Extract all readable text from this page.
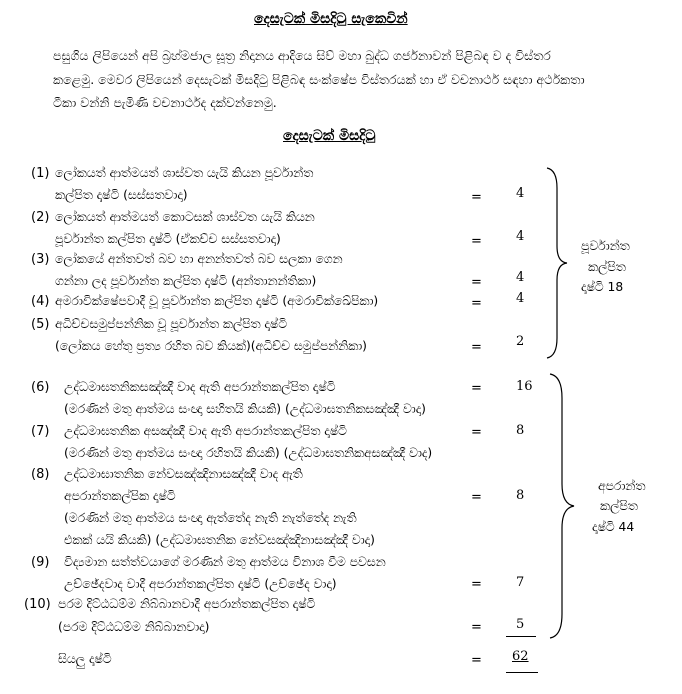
දෙසැටක් මිසදිටු සැකෙවින්
පසුගිය ලිපියෙන් අපි බ්‍රහ්මජාල සූත්‍ර නිදානය ආදියෙ සිව් මහා බුද්ධ ගර්ජනාවන් පිළිබඳ ව ද විස්තර
කළෙමු. මෙවර ලිපියෙන් දෙසැටක් මිසදිටු පිළිබඳ සංක්ෂේප විස්තරයක් හා ඒ වචනාර්ථ සඳහා අර්ථකතා
ටීකා වන්නි පැමිණි වචනාර්ථද දක්වන්නෙමු.
දෙසැටක් මිසදිටු
(1) ලෝකයත් ආත්මයත් ශාස්වත යැයි කියන පූර්වාන්ත
කල්පිත දෘෂ්ටි (සස්සතවාදා)	=	4
(2) ලෝකයත් ආත්මයත් කොටසක් ශාස්වත යැයි කියන
පූර්වාන්ත කල්පිත දෘෂ්ටි (ඒකච්ච සස්සතවාදා)	=	4
(3) ලෝකයේ අන්තවත් බව හා අනන්තවත් බව සලකා ගෙන
ගන්නා ලද පූර්වාන්ත කල්පිත දෘෂ්ටි (අන්තානන්තිකා)	=	4
(4) අමරාවික්ෂේපවාදී වූ පූර්වාන්ත කල්පිත දෘෂ්ටි (අමරාවික්ඛේපිකා)	=	4
(5) අධිච්චසමුප්පන්නික වූ පූර්වාන්ත කල්පිත දෘෂ්ටි
(ලෝකය හේතු ප්‍රත්‍ය රහිත බව කියක්)(අධිච්ච සමුප්පන්නිකා)	=	2
පූර්වාන්ත
කල්පිත
දෘෂ්ටි 18
(6) උද්ධමාඝතනිකසඤ්ඤී වාද ඇති අපරාන්තකල්පිත දෘෂ්ටි
(මරණින් මතු ආත්මය සංඥා සහිතයි කියකි) (උද්ධමාඝතනිකසඤ්ඤී වාදා)
=	16
(7) උද්ධමාඝතනික අසඤ්ඤී වාද ඇති අපරාන්තකල්පිත දෘෂ්ටි
(මරණින් මතු ආත්මය සංඥා රහිතයි කියකි) (උද්ධමාඝතනිකඅසඤ්ඤී වාද)
=	8
(8) උද්ධමාඝාතනික නේවසඤ්ඤිනාසඤ්ඤී වාද ඇති
අපරාන්තකල්පික දෘෂ්ටි
(මරණින් මතු ආත්මය සංඥා ඇත්තේද නැති නැත්තේද නැති
එකක් යයි කියකි) (උද්ධමාඝතනික නේවසඤ්ඤිනාසඤ්ඤී වාදා)
=	8
(9) විද්‍යමාන සත්ත්වයාගේ මරණින් මතු ආත්මය විනාශ වීම පවසන
උච්ඡේදවාද වාදී අපරාන්තකල්පිත දෘෂ්ටි (උච්ඡේද වාදා)	=	7
(10) පරම දිට්ඨධම්ම නිබ්බානවාදී අපරාන්තකල්පිත දෘෂ්ටි
(පරම දිට්ඨධම්ම නිබ්බානවාදා)	=	5
අපරාන්ත
කල්පිත
දෘෂ්ටි 44
සියලු දෘෂ්ටි	= 62
